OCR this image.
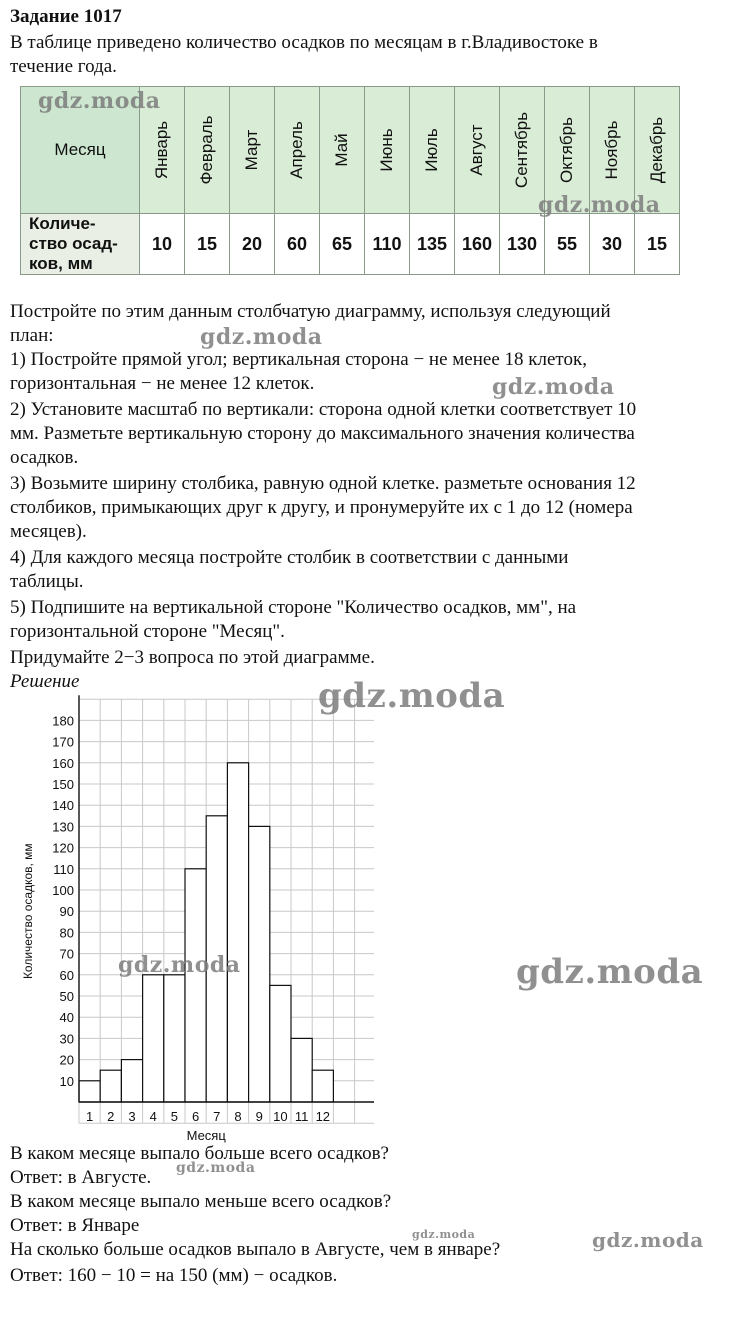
Задание 1017
В таблице приведено количество осадков по месяцам в г.Владивостоке в
течение года.
Месяц	Январь	Февраль	Март	Апрель	Май	Июнь	Июль	Август	Сентябрь	Октябрь	Ноябрь	Декабрь

Количе-
ство осад-
ков, мм	10	15	20	60	65	110	135	160	130	55	30	15
Постройте по этим данным столбчатую диаграмму, используя следующий
план:
1) Постройте прямой угол; вертикальная сторона − не менее 18 клеток,
горизонтальная − не менее 12 клеток.
2) Установите масштаб по вертикали: сторона одной клетки соответствует 10
мм. Разметьте вертикальную сторону до максимального значения количества
осадков.
3) Возьмите ширину столбика, равную одной клетке. разметьте основания 12
столбиков, примыкающих друг к другу, и пронумеруйте их с 1 до 12 (номера
месяцев).
4) Для каждого месяца постройте столбик в соответствии с данными
таблицы.
5) Подпишите на вертикальной стороне "Количество осадков, мм", на
горизонтальной стороне "Месяц".
Придумайте 2−3 вопроса по этой диаграмме.
Решение
10
20
30
40
50
60
70
80
90
100
110
120
130
140
150
160
170
180
1 2 3 4 5 6 7 8 9 10 11 12
Месяц
Количество осадков, мм
В каком месяце выпало больше всего осадков?
Ответ: в Августе.
В каком месяце выпало меньше всего осадков?
Ответ: в Январе
На сколько больше осадков выпало в Августе, чем в январе?
Ответ: 160 − 10 = на 150 (мм) − осадков.
gdz.moda
gdz.moda
gdz.moda
gdz.moda
gdz.moda
gdz.moda	gdz.moda
gdz.moda
gdz.moda	gdz.moda
